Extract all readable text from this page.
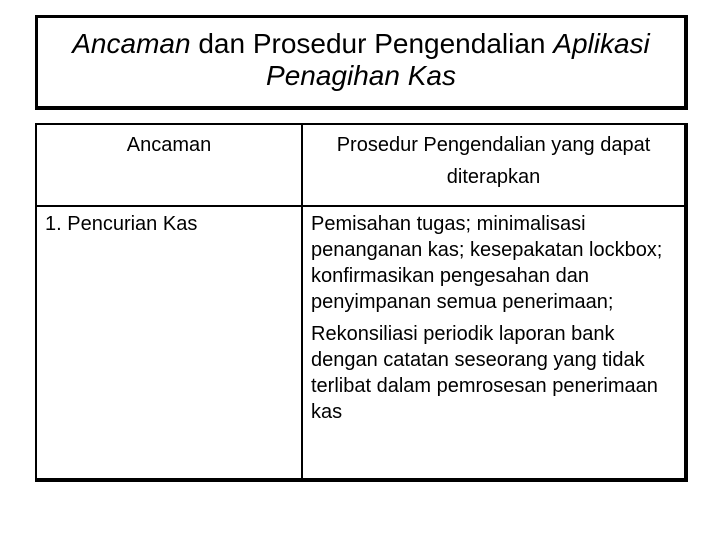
Ancaman dan Prosedur Pengendalian Aplikasi
Penagihan Kas
Ancaman	Prosedur Pengendalian yang dapat diterapkan
1. Pencurian Kas	Pemisahan tugas; minimalisasi penanganan kas; kesepakatan lockbox; konfirmasikan pengesahan dan penyimpanan semua penerimaan;
Rekonsiliasi periodik laporan bank dengan catatan seseorang yang tidak terlibat dalam pemrosesan penerimaan kas
